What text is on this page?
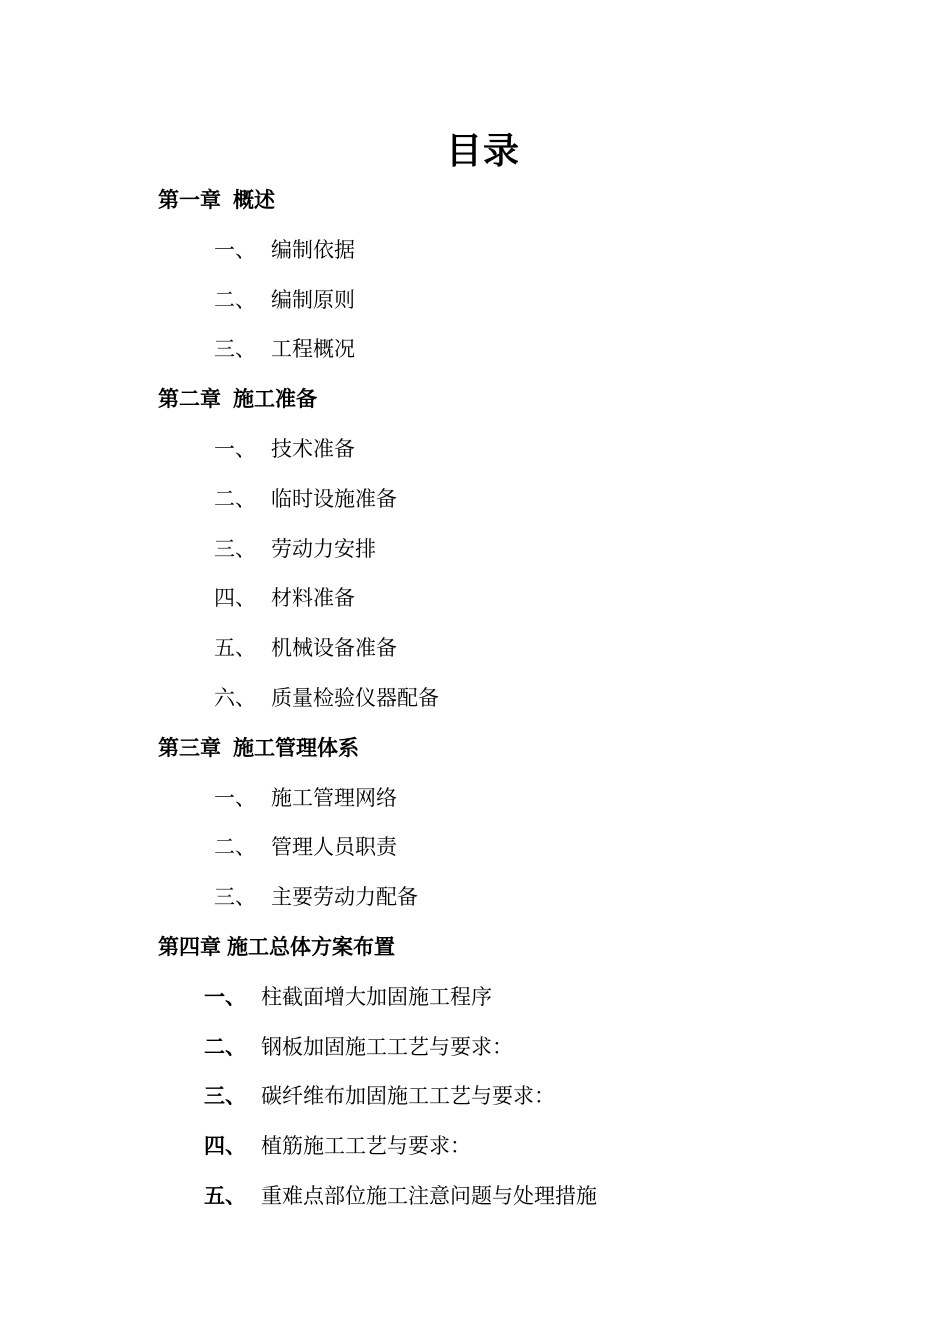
目录
第一章 概述
一、 编制依据
二、 编制原则
三、 工程概况
第二章 施工准备
一、 技术准备
二、 临时设施准备
三、 劳动力安排
四、 材料准备
五、 机械设备准备
六、 质量检验仪器配备
第三章 施工管理体系
一、 施工管理网络
二、 管理人员职责
三、 主要劳动力配备
第四章 施工总体方案布置
一、 柱截面增大加固施工程序
二、 钢板加固施工工艺与要求：
三、 碳纤维布加固施工工艺与要求：
四、 植筋施工工艺与要求：
五、 重难点部位施工注意问题与处理措施
